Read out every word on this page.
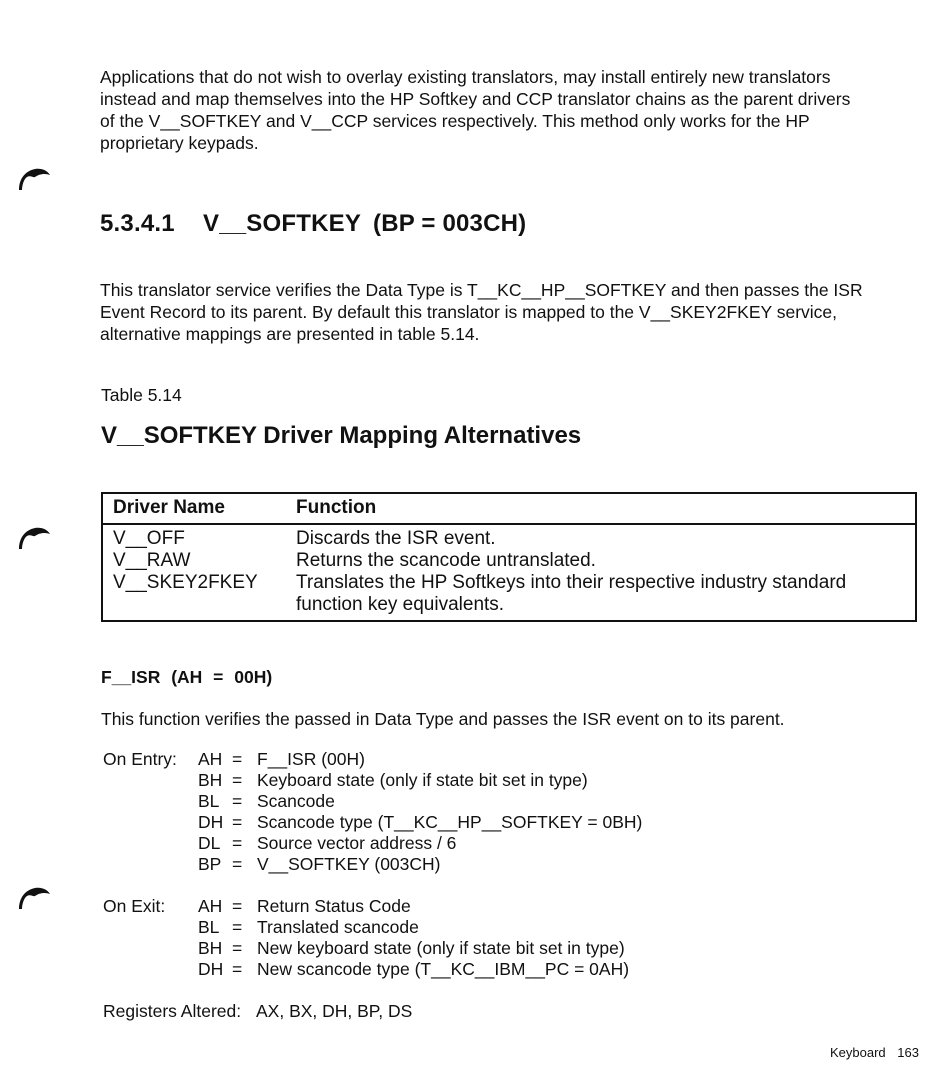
Applications that do not wish to overlay existing translators, may install entirely new translators
instead and map themselves into the HP Softkey and CCP translator chains as the parent drivers
of the V__SOFTKEY and V__CCP services respectively. This method only works for the HP
proprietary keypads.
5.3.4.1 V__SOFTKEY (BP = 003CH)
This translator service verifies the Data Type is T__KC__HP__SOFTKEY and then passes the ISR
Event Record to its parent. By default this translator is mapped to the V__SKEY2FKEY service,
alternative mappings are presented in table 5.14.
Table 5.14
V__SOFTKEY Driver Mapping Alternatives
Driver Name	Function
V__OFF	Discards the ISR event.
V__RAW	Returns the scancode untranslated.
V__SKEY2FKEY	Translates the HP Softkeys into their respective industry standard
	function key equivalents.
F__ISR (AH = 00H)
This function verifies the passed in Data Type and passes the ISR event on to its parent.
On Entry: AH = F__ISR (00H)
BH = Keyboard state (only if state bit set in type)
BL = Scancode
DH = Scancode type (T__KC__HP__SOFTKEY = 0BH)
DL = Source vector address / 6
BP = V__SOFTKEY (003CH)
On Exit: AH = Return Status Code
BL = Translated scancode
BH = New keyboard state (only if state bit set in type)
DH = New scancode type (T__KC__IBM__PC = 0AH)
Registers Altered: AX, BX, DH, BP, DS
Keyboard 163
